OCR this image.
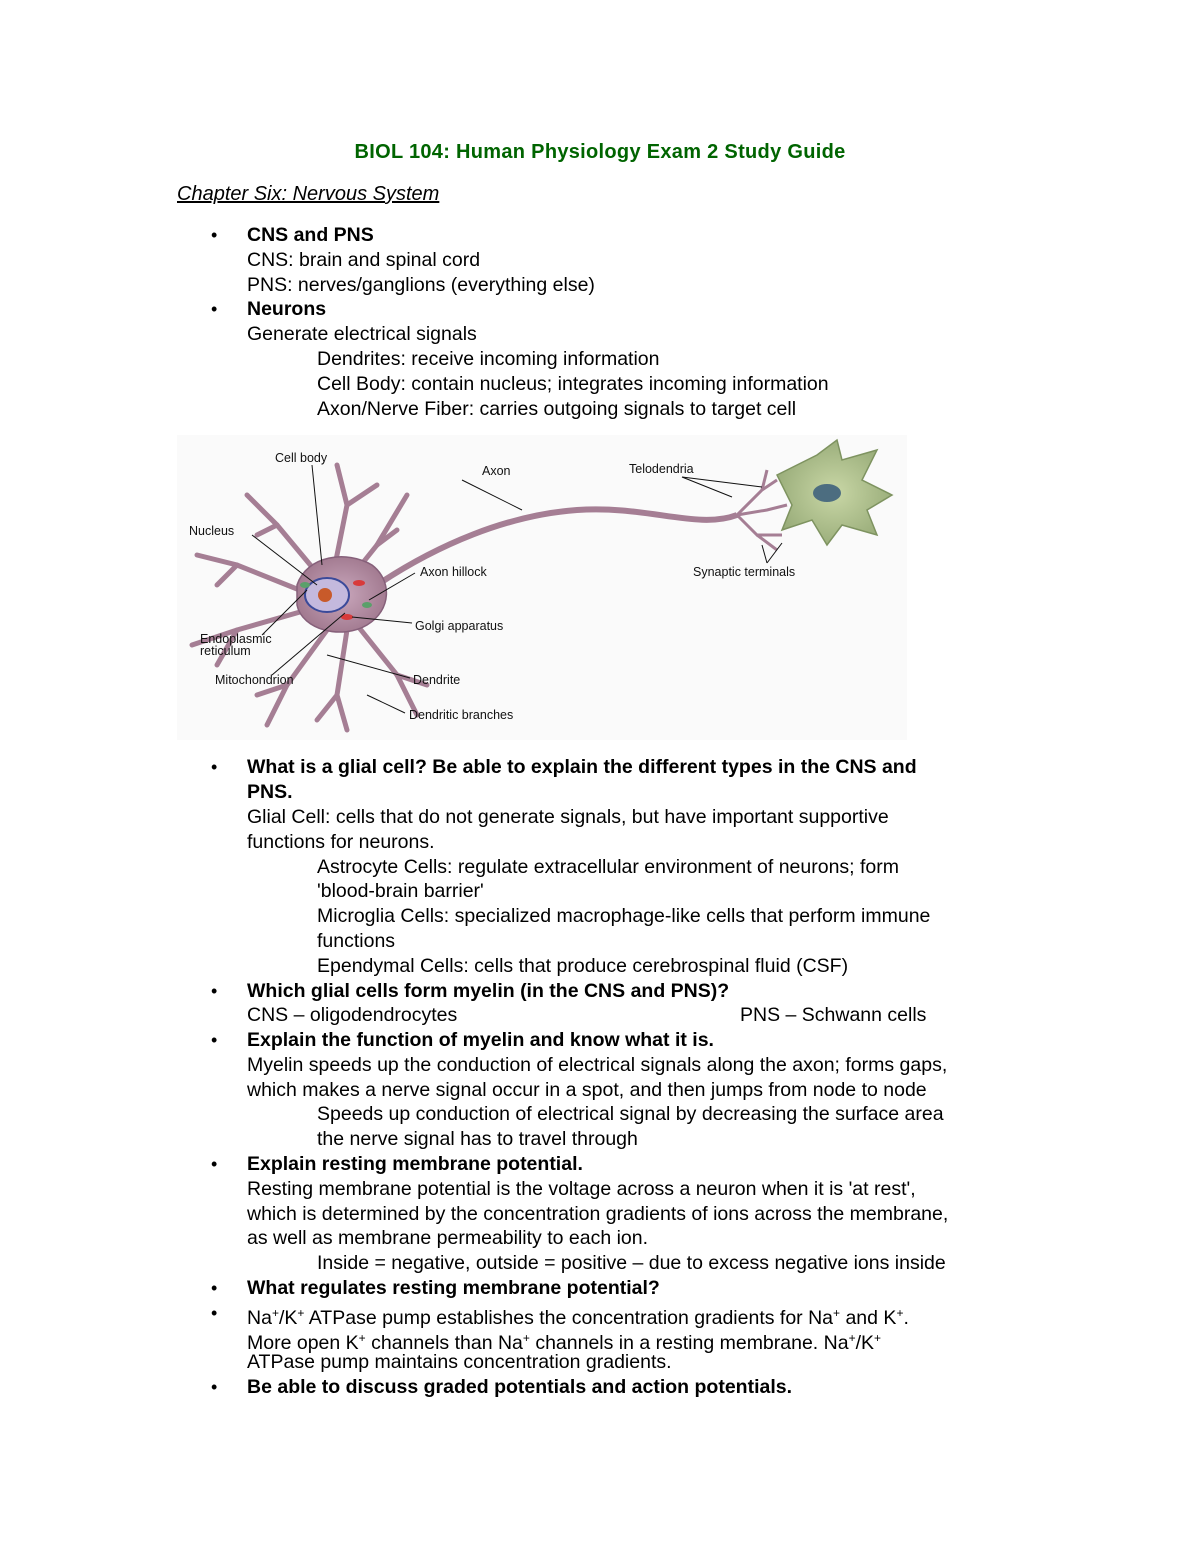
BIOL 104: Human Physiology Exam 2 Study Guide
Chapter Six: Nervous System
• CNS and PNS
CNS: brain and spinal cord
PNS: nerves/ganglions (everything else)
• Neurons
Generate electrical signals
Dendrites: receive incoming information
Cell Body: contain nucleus; integrates incoming information
Axon/Nerve Fiber: carries outgoing signals to target cell
Cell body
Axon	Telodendria
Nucleus
Axon hillock	Synaptic terminals
Golgi apparatus
Endoplasmic
reticulum
Mitochondrion	Dendrite
Dendritic branches
• What is a glial cell? Be able to explain the different types in the CNS and
PNS.
Glial Cell: cells that do not generate signals, but have important supportive
functions for neurons.
Astrocyte Cells: regulate extracellular environment of neurons; form
'blood-brain barrier'
Microglia Cells: specialized macrophage-like cells that perform immune
functions
Ependymal Cells: cells that produce cerebrospinal fluid (CSF)
• Which glial cells form myelin (in the CNS and PNS)?
CNS – oligodendrocytes	PNS – Schwann cells
• Explain the function of myelin and know what it is.
Myelin speeds up the conduction of electrical signals along the axon; forms gaps,
which makes a nerve signal occur in a spot, and then jumps from node to node
Speeds up conduction of electrical signal by decreasing the surface area
the nerve signal has to travel through
• Explain resting membrane potential.
Resting membrane potential is the voltage across a neuron when it is 'at rest',
which is determined by the concentration gradients of ions across the membrane,
as well as membrane permeability to each ion.
Inside = negative, outside = positive – due to excess negative ions inside
• What regulates resting membrane potential?
• Na+/K+ ATPase pump establishes the concentration gradients for Na+ and K+.
More open K+ channels than Na+ channels in a resting membrane. Na+/K+
ATPase pump maintains concentration gradients.
• Be able to discuss graded potentials and action potentials.
